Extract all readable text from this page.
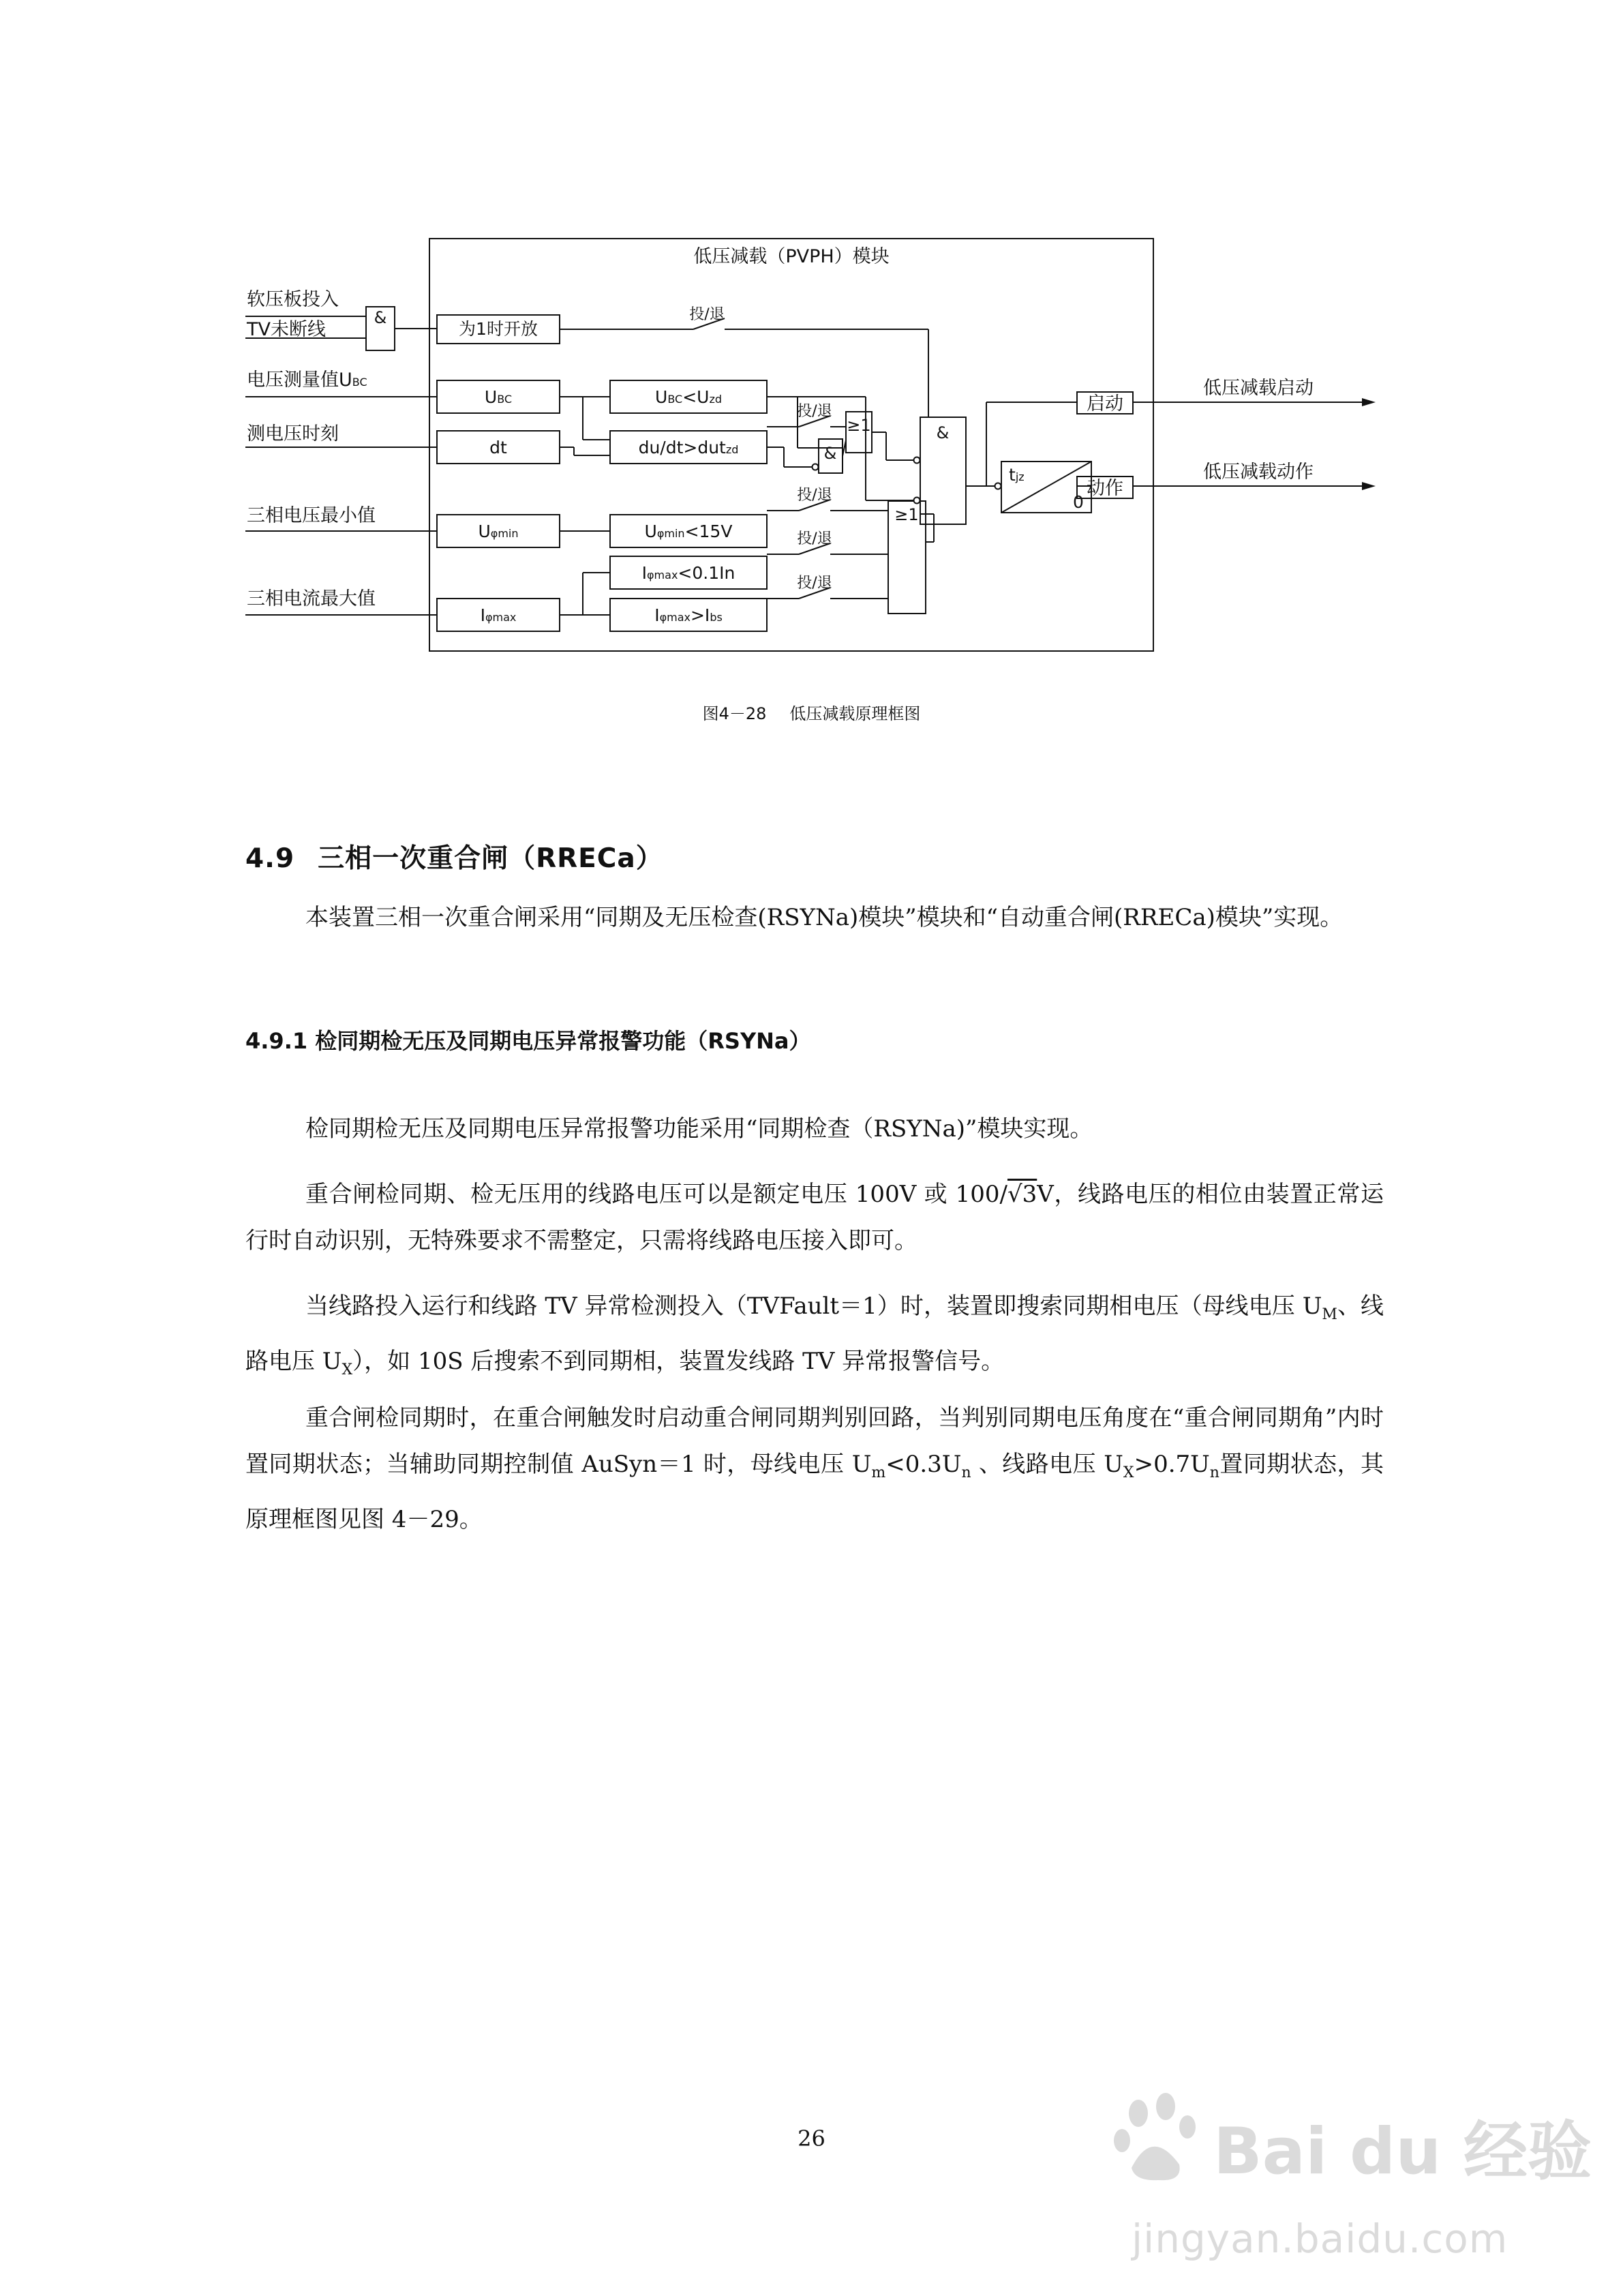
低压减载（PVPH）模块
软压板投入
TV未断线
电压测量值UBC
测电压时刻
三相电压最小值
三相电流最大值
&
为1时开放
UBC
dt
Uφmin
Iφmax
UBC<Uzd
du/dt>dutzd
Uφmin<15V
Iφmax<0.1In
Iφmax>Ibs
投/退
投/退
投/退
投/退
投/退
&
≥1
≥1
&
tjz
0
启动
动作
低压减载启动
低压减载动作
图4－28 低压减载原理框图
4.9 三相一次重合闸（RRECa）

本装置三相一次重合闸采用“同期及无压检查(RSYNa)模块”模块和“自动重合闸(RRECa)模块”实现。

4.9.1 检同期检无压及同期电压异常报警功能（RSYNa）

检同期检无压及同期电压异常报警功能采用“同期检查（RSYNa)”模块实现。

重合闸检同期、检无压用的线路电压可以是额定电压 100V 或 100/√3V，线路电压的相位由装置正常运行时自动识别，无特殊要求不需整定，只需将线路电压接入即可。

当线路投入运行和线路 TV 异常检测投入（TVFault＝1）时，装置即搜索同期相电压（母线电压 $U_M$、线路电压 $U_X$），如 10S 后搜索不到同期相，装置发线路 TV 异常报警信号。

重合闸检同期时，在重合闸触发时启动重合闸同期判别回路，当判别同期电压角度在“重合闸同期角”内时置同期状态；当辅助同期控制值 AuSyn＝1 时，母线电压 $U_m<0.3U_n$ 、线路电压 $U_X>0.7U_n$置同期状态，其原理框图见图 4－29。

26	Bai du 经验
jingyan.baidu.com
